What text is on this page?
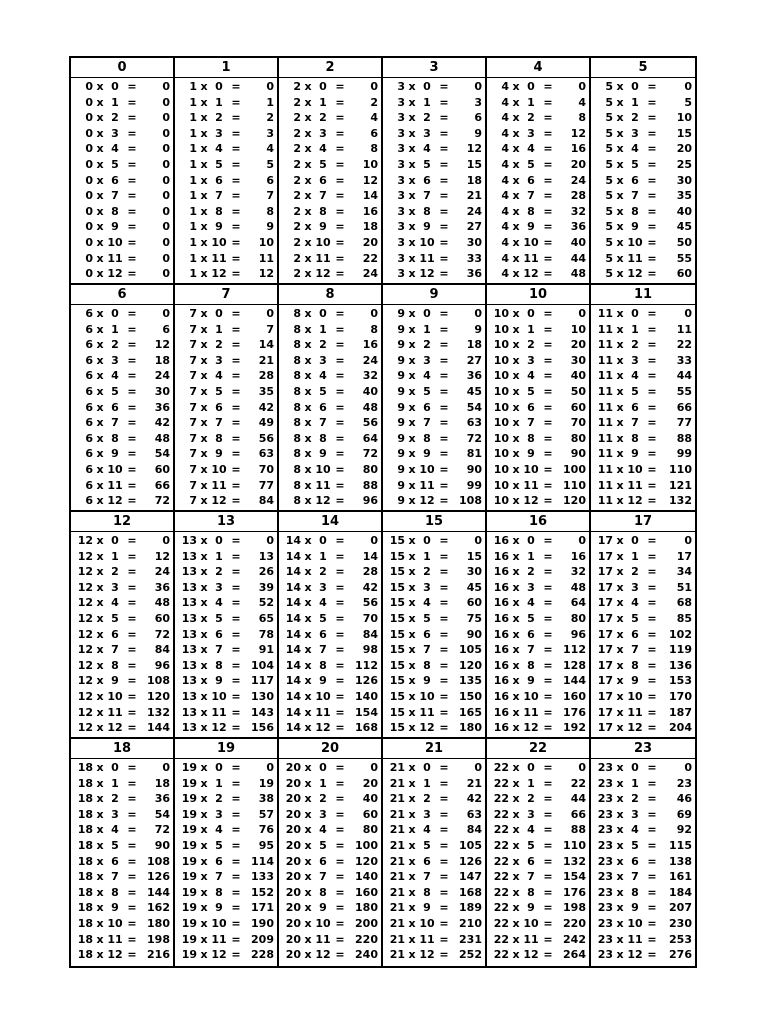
0
0 x 0 =	0
0 x 1 =	0
0 x 2 =	0
0 x 3 =	0
0 x 4 =	0
0 x 5 =	0
0 x 6 =	0
0 x 7 =	0
0 x 8 =	0
0 x 9 =	0
0 x 10 =	0
0 x 11 =	0
0 x 12 =	0
1
1 x 0 =	0
1 x 1 =	1
1 x 2 =	2
1 x 3 =	3
1 x 4 =	4
1 x 5 =	5
1 x 6 =	6
1 x 7 =	7
1 x 8 =	8
1 x 9 =	9
1 x 10 =	10
1 x 11 =	11
1 x 12 =	12
2
2 x 0 =	0
2 x 1 =	2
2 x 2 =	4
2 x 3 =	6
2 x 4 =	8
2 x 5 =	10
2 x 6 =	12
2 x 7 =	14
2 x 8 =	16
2 x 9 =	18
2 x 10 =	20
2 x 11 =	22
2 x 12 =	24
3
3 x 0 =	0
3 x 1 =	3
3 x 2 =	6
3 x 3 =	9
3 x 4 =	12
3 x 5 =	15
3 x 6 =	18
3 x 7 =	21
3 x 8 =	24
3 x 9 =	27
3 x 10 =	30
3 x 11 =	33
3 x 12 =	36
4
4 x 0 =	0
4 x 1 =	4
4 x 2 =	8
4 x 3 =	12
4 x 4 =	16
4 x 5 =	20
4 x 6 =	24
4 x 7 =	28
4 x 8 =	32
4 x 9 =	36
4 x 10 =	40
4 x 11 =	44
4 x 12 =	48
5
5 x 0 =	0
5 x 1 =	5
5 x 2 =	10
5 x 3 =	15
5 x 4 =	20
5 x 5 =	25
5 x 6 =	30
5 x 7 =	35
5 x 8 =	40
5 x 9 =	45
5 x 10 =	50
5 x 11 =	55
5 x 12 =	60
6
6 x 0 =	0
6 x 1 =	6
6 x 2 =	12
6 x 3 =	18
6 x 4 =	24
6 x 5 =	30
6 x 6 =	36
6 x 7 =	42
6 x 8 =	48
6 x 9 =	54
6 x 10 =	60
6 x 11 =	66
6 x 12 =	72
7
7 x 0 =	0
7 x 1 =	7
7 x 2 =	14
7 x 3 =	21
7 x 4 =	28
7 x 5 =	35
7 x 6 =	42
7 x 7 =	49
7 x 8 =	56
7 x 9 =	63
7 x 10 =	70
7 x 11 =	77
7 x 12 =	84
8
8 x 0 =	0
8 x 1 =	8
8 x 2 =	16
8 x 3 =	24
8 x 4 =	32
8 x 5 =	40
8 x 6 =	48
8 x 7 =	56
8 x 8 =	64
8 x 9 =	72
8 x 10 =	80
8 x 11 =	88
8 x 12 =	96
9
9 x 0 =	0
9 x 1 =	9
9 x 2 =	18
9 x 3 =	27
9 x 4 =	36
9 x 5 =	45
9 x 6 =	54
9 x 7 =	63
9 x 8 =	72
9 x 9 =	81
9 x 10 =	90
9 x 11 =	99
9 x 12 = 108
10
10 x 0 =	0
10 x 1 =	10
10 x 2 =	20
10 x 3 =	30
10 x 4 =	40
10 x 5 =	50
10 x 6 =	60
10 x 7 =	70
10 x 8 =	80
10 x 9 =	90
10 x 10 = 100
10 x 11 = 110
10 x 12 = 120
11
11 x 0 =	0
11 x 1 =	11
11 x 2 =	22
11 x 3 =	33
11 x 4 =	44
11 x 5 =	55
11 x 6 =	66
11 x 7 =	77
11 x 8 =	88
11 x 9 =	99
11 x 10 =	110
11 x 11 =	121
11 x 12 =	132
12
12 x 0 =	0
12 x 1 =	12
12 x 2 =	24
12 x 3 =	36
12 x 4 =	48
12 x 5 =	60
12 x 6 =	72
12 x 7 =	84
12 x 8 =	96
12 x 9 = 108
12 x 10 = 120
12 x 11 = 132
12 x 12 = 144
13
13 x 0 =	0
13 x 1 =	13
13 x 2 =	26
13 x 3 =	39
13 x 4 =	52
13 x 5 =	65
13 x 6 =	78
13 x 7 =	91
13 x 8 = 104
13 x 9 = 117
13 x 10 = 130
13 x 11 = 143
13 x 12 = 156
14
14 x 0 =	0
14 x 1 =	14
14 x 2 =	28
14 x 3 =	42
14 x 4 =	56
14 x 5 =	70
14 x 6 =	84
14 x 7 =	98
14 x 8 = 112
14 x 9 = 126
14 x 10 = 140
14 x 11 = 154
14 x 12 = 168
15
15 x 0 =	0
15 x 1 =	15
15 x 2 =	30
15 x 3 =	45
15 x 4 =	60
15 x 5 =	75
15 x 6 =	90
15 x 7 = 105
15 x 8 = 120
15 x 9 = 135
15 x 10 = 150
15 x 11 = 165
15 x 12 = 180
16
16 x 0 =	0
16 x 1 =	16
16 x 2 =	32
16 x 3 =	48
16 x 4 =	64
16 x 5 =	80
16 x 6 =	96
16 x 7 = 112
16 x 8 = 128
16 x 9 = 144
16 x 10 = 160
16 x 11 = 176
16 x 12 = 192
17
17 x 0 =	0
17 x 1 =	17
17 x 2 =	34
17 x 3 =	51
17 x 4 =	68
17 x 5 =	85
17 x 6 =	102
17 x 7 =	119
17 x 8 =	136
17 x 9 =	153
17 x 10 =	170
17 x 11 =	187
17 x 12 =	204
18
18 x 0 =	0
18 x 1 =	18
18 x 2 =	36
18 x 3 =	54
18 x 4 =	72
18 x 5 =	90
18 x 6 = 108
18 x 7 = 126
18 x 8 = 144
18 x 9 = 162
18 x 10 = 180
18 x 11 = 198
18 x 12 = 216
19
19 x 0 =	0
19 x 1 =	19
19 x 2 =	38
19 x 3 =	57
19 x 4 =	76
19 x 5 =	95
19 x 6 = 114
19 x 7 = 133
19 x 8 = 152
19 x 9 = 171
19 x 10 = 190
19 x 11 = 209
19 x 12 = 228
20
20 x 0 =	0
20 x 1 =	20
20 x 2 =	40
20 x 3 =	60
20 x 4 =	80
20 x 5 = 100
20 x 6 = 120
20 x 7 = 140
20 x 8 = 160
20 x 9 = 180
20 x 10 = 200
20 x 11 = 220
20 x 12 = 240
21
21 x 0 =	0
21 x 1 =	21
21 x 2 =	42
21 x 3 =	63
21 x 4 =	84
21 x 5 = 105
21 x 6 = 126
21 x 7 = 147
21 x 8 = 168
21 x 9 = 189
21 x 10 = 210
21 x 11 = 231
21 x 12 = 252
22
22 x 0 =	0
22 x 1 =	22
22 x 2 =	44
22 x 3 =	66
22 x 4 =	88
22 x 5 = 110
22 x 6 = 132
22 x 7 = 154
22 x 8 = 176
22 x 9 = 198
22 x 10 = 220
22 x 11 = 242
22 x 12 = 264
23
23 x 0 =	0
23 x 1 =	23
23 x 2 =	46
23 x 3 =	69
23 x 4 =	92
23 x 5 =	115
23 x 6 =	138
23 x 7 =	161
23 x 8 =	184
23 x 9 =	207
23 x 10 =	230
23 x 11 =	253
23 x 12 =	276
